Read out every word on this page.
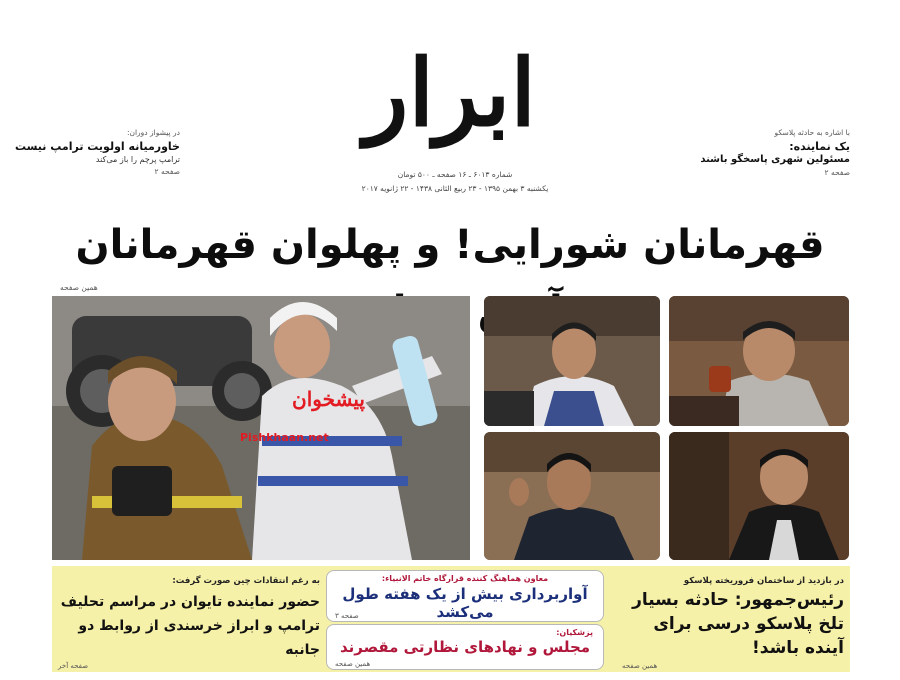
ابرار
شماره ۶۰۱۳ ـ ۱۶ صفحه ـ ۵۰۰ تومان
یکشنبه ۳ بهمن ۱۳۹۵ - ۲۳ ربیع الثانی ۱۴۳۸ - ۲۲ ژانویه ۲۰۱۷
در پیشواز دوران:
خاورمیانه اولویت ترامپ نیست
ترامپ پرچم را باز می‌کند
صفحه ۲
با اشاره به حادثه پلاسکو
یک نماینده:
مسئولین شهری پاسخگو باشند
صفحه ۲
قهرمانان شورایی! و پهلوان قهرمانان
همین صفحه
پیشخوان
Pishkhaan.net
در بازدید از ساختمان فروریخته پلاسکو
رئیس‌جمهور: حادثه بسیار تلخ پلاسکو درسی برای آینده باشد!
همین صفحه
معاون هماهنگ کننده قرارگاه خاتم الانبیاء:
آواربرداری بیش از یک هفته طول می‌کشد
صفحه ۳
پزشکیان:
مجلس و نهادهای نظارتی مقصرند
همین صفحه
به رغم انتقادات چین صورت گرفت:
حضور نماینده تایوان در مراسم تحلیف ترامپ و ابراز خرسندی از روابط دو جانبه
صفحه آخر
